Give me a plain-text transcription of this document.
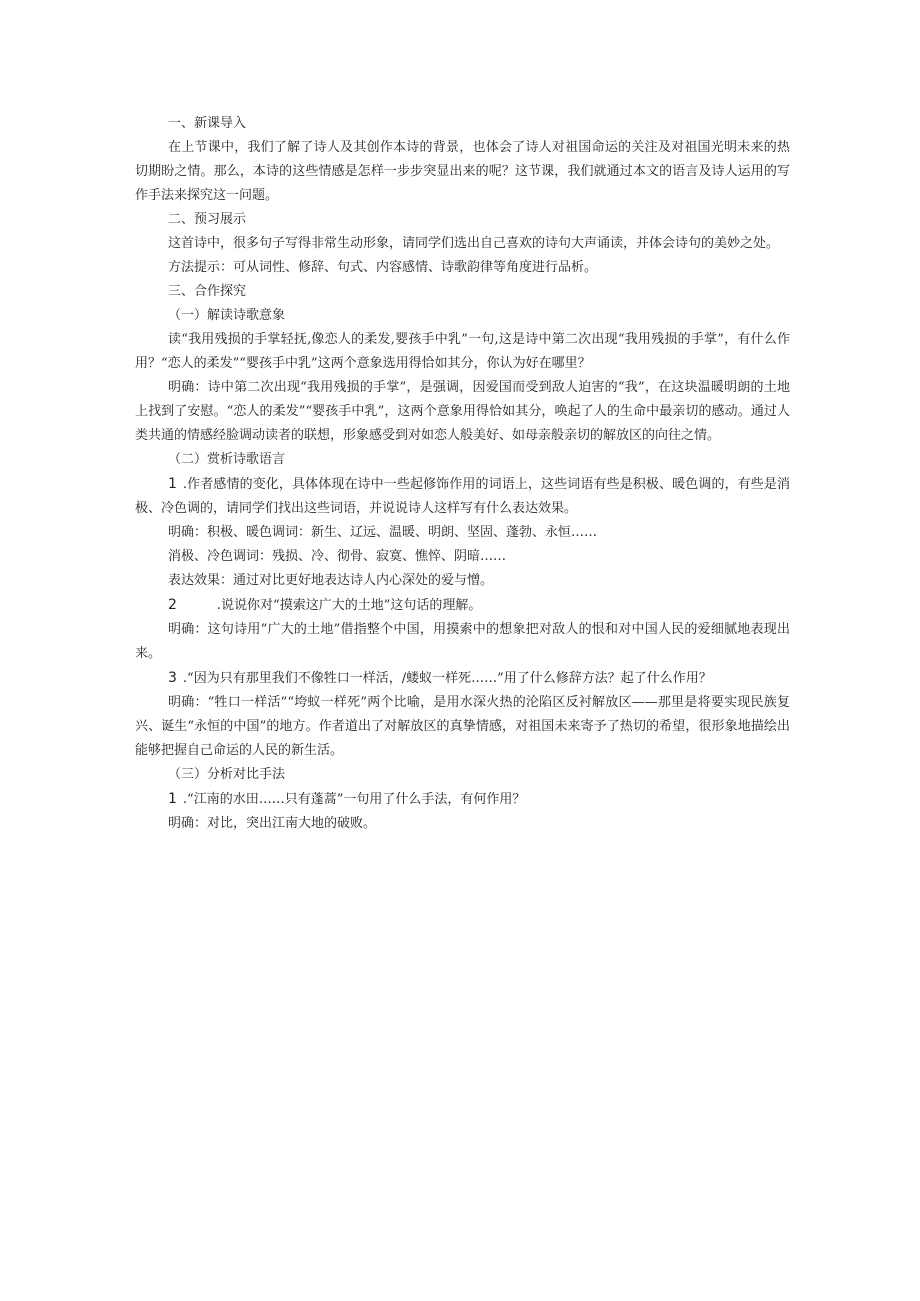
一、新课导入

在上节课中，我们了解了诗人及其创作本诗的背景，也体会了诗人对祖国命运的关注及对祖国光明未来的热切期盼之情。那么，本诗的这些情感是怎样一步步突显出来的呢？这节课，我们就通过本文的语言及诗人运用的写作手法来探究这一问题。

二、预习展示

这首诗中，很多句子写得非常生动形象，请同学们选出自己喜欢的诗句大声诵读，并体会诗句的美妙之处。

方法提示：可从词性、修辞、句式、内容感情、诗歌韵律等角度进行品析。

三、合作探究

（一）解读诗歌意象

读“我用残损的手掌轻抚,像恋人的柔发,婴孩手中乳”一句,这是诗中第二次出现“我用残损的手掌”，有什么作用？“恋人的柔发”“婴孩手中乳”这两个意象选用得恰如其分，你认为好在哪里？

明确：诗中第二次出现“我用残损的手掌”，是强调，因爱国而受到敌人迫害的“我”，在这块温暖明朗的土地上找到了安慰。“恋人的柔发”“婴孩手中乳”，这两个意象用得恰如其分，唤起了人的生命中最亲切的感动。通过人类共通的情感经脸调动读者的联想，形象感受到对如恋人般美好、如母亲般亲切的解放区的向往之情。

（二）赏析诗歌语言

1 .作者感情的变化，具体体现在诗中一些起修饰作用的词语上，这些词语有些是积极、暖色调的，有些是消极、冷色调的，请同学们找出这些词语，并说说诗人这样写有什么表达效果。

明确：积极、暖色调词：新生、辽远、温暖、明朗、坚固、蓬勃、永恒……

消极、冷色调词：残损、冷、彻骨、寂寞、憔悴、阴暗……

表达效果：通过对比更好地表达诗人内心深处的爱与憎。

2	.说说你对“摸索这广大的土地”这句话的理解。

明确：这句诗用“广大的土地”借指整个中国，用摸索中的想象把对敌人的恨和对中国人民的爱细腻地表现出来。

3 .“因为只有那里我们不像牲口一样活，/蝼蚁一样死……”用了什么修辞方法？起了什么作用？

明确：“牲口一样活”“垮蚁一样死”两个比喻，是用水深火热的沦陷区反衬解放区——那里是将要实现民族复兴、诞生“永恒的中国”的地方。作者道出了对解放区的真挚情感，对祖国未来寄予了热切的希望，很形象地描绘出能够把握自己命运的人民的新生活。

（三）分析对比手法

1 .“江南的水田……只有蓬蒿”一句用了什么手法，有何作用？

明确：对比，突出江南大地的破败。
